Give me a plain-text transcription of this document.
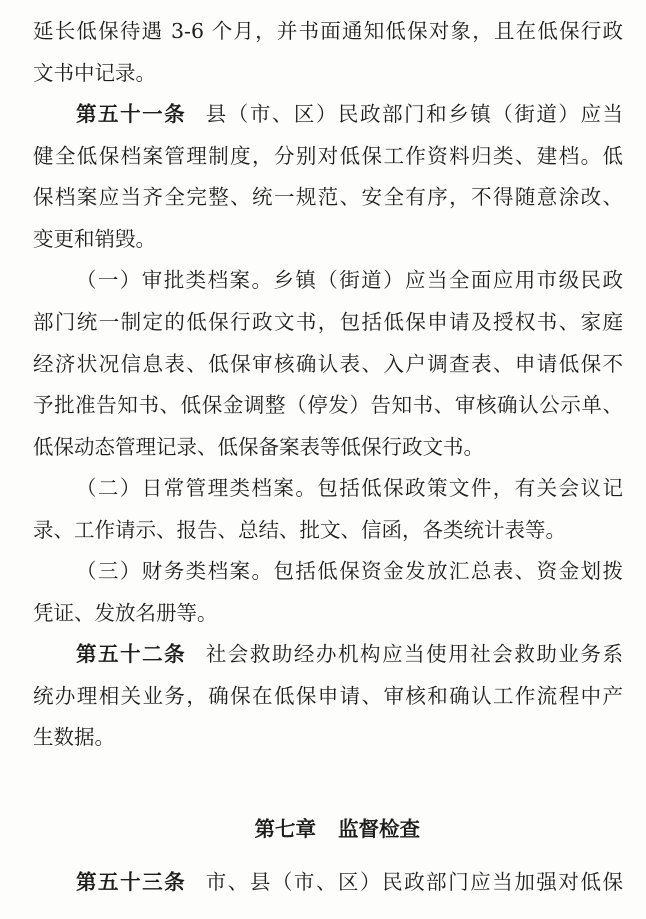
延长低保待遇 3-6 个月，并书面通知低保对象，且在低保行政
文书中记录。
第五十一条 县（市、区）民政部门和乡镇（街道）应当
健全低保档案管理制度，分别对低保工作资料归类、建档。低
保档案应当齐全完整、统一规范、安全有序，不得随意涂改、
变更和销毁。
（一）审批类档案。乡镇（街道）应当全面应用市级民政
部门统一制定的低保行政文书，包括低保申请及授权书、家庭
经济状况信息表、低保审核确认表、入户调查表、申请低保不
予批准告知书、低保金调整（停发）告知书、审核确认公示单、
低保动态管理记录、低保备案表等低保行政文书。
（二）日常管理类档案。包括低保政策文件，有关会议记
录、工作请示、报告、总结、批文、信函，各类统计表等。
（三）财务类档案。包括低保资金发放汇总表、资金划拨
凭证、发放名册等。
第五十二条 社会救助经办机构应当使用社会救助业务系
统办理相关业务，确保在低保申请、审核和确认工作流程中产
生数据。

第七章 监督检查

第五十三条 市、县（市、区）民政部门应当加强对低保
